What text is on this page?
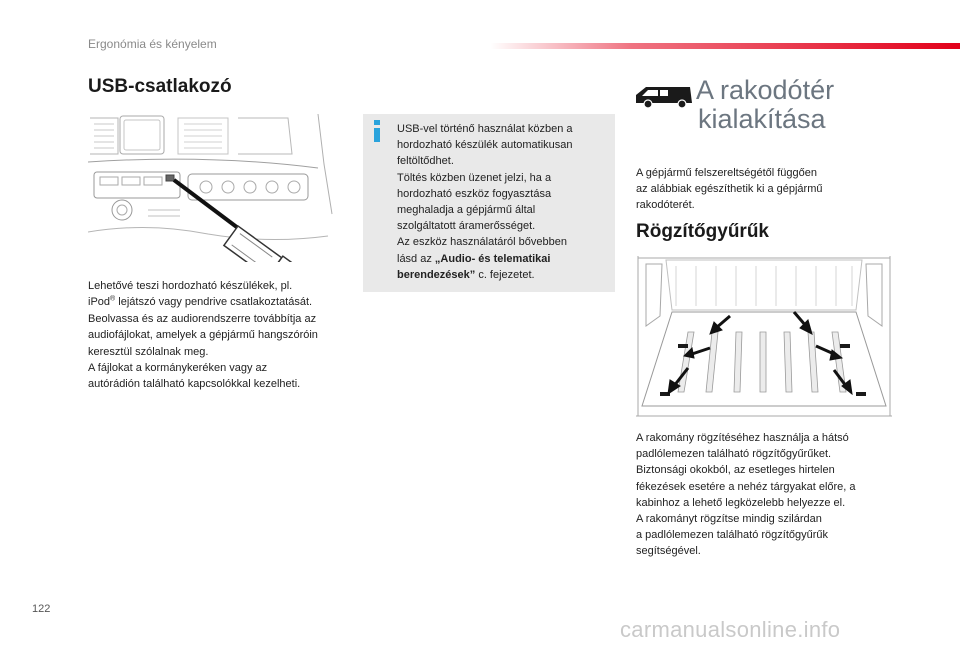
Ergonómia és kényelem
USB-csatlakozó

Lehetővé teszi hordozható készülékek, pl.

iPod® lejátszó vagy pendrive csatlakoztatását.

Beolvassa és az audiorendszerre továbbítja az

audiofájlokat, amelyek a gépjármű hangszóróin

keresztül szólalnak meg.

A fájlokat a kormánykeréken vagy az

autórádión található kapcsolókkal kezelheti.

USB-vel történő használat közben a

hordozható készülék automatikusan

feltöltődhet.

Töltés közben üzenet jelzi, ha a

hordozható eszköz fogyasztása

meghaladja a gépjármű által

szolgáltatott áramerősséget.

Az eszköz használatáról bővebben

lásd az „Audio- és telematikai

berendezések” c. fejezetet.

A rakodótér
kialakítása

A gépjármű felszereltségétől függően

az alábbiak egészíthetik ki a gépjármű

rakodóterét.

Rögzítőgyűrűk

A rakomány rögzítéséhez használja a hátsó

padlólemezen található rögzítőgyűrűket.

Biztonsági okokból, az esetleges hirtelen

fékezések esetére a nehéz tárgyakat előre, a

kabinhoz a lehető legközelebb helyezze el.

A rakományt rögzítse mindig szilárdan

a padlólemezen található rögzítőgyűrűk

segítségével.

122
carmanualsonline.info
